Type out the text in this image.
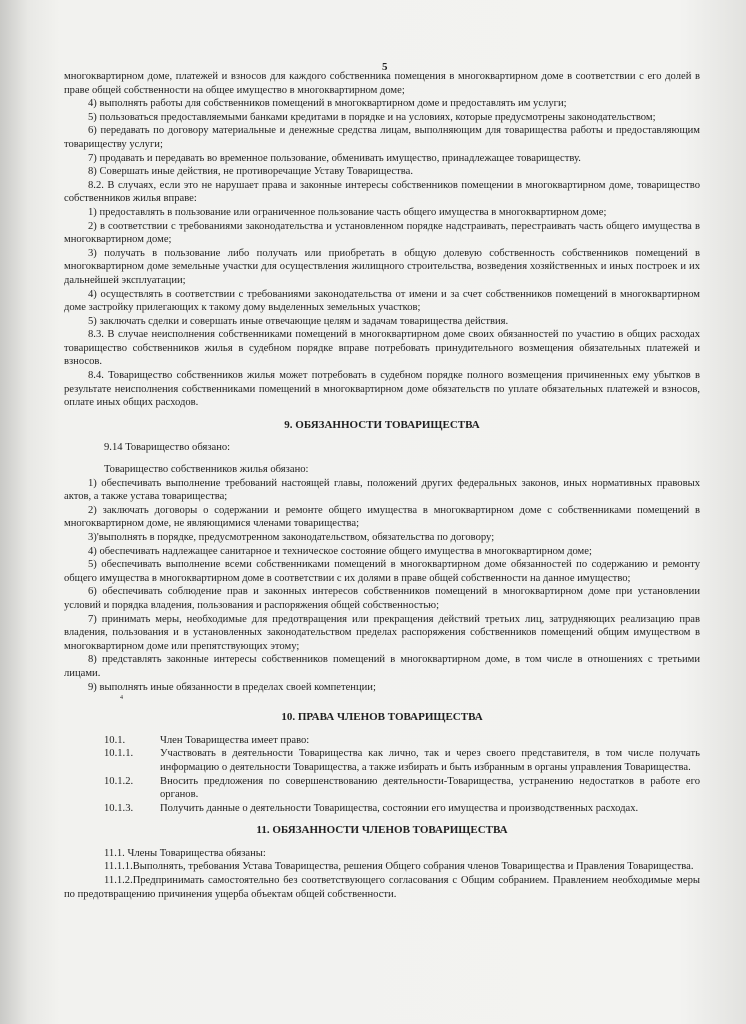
5

многоквартирном доме, платежей и взносов для каждого собственника помещения в многоквартирном доме в соответствии с его долей в праве общей собственности на общее имущество в многоквартирном доме;

4) выполнять работы для собственников помещений в многоквартирном доме и предоставлять им услуги;

5) пользоваться предоставляемыми банками кредитами в порядке и на условиях, которые предусмотрены законодательством;

6) передавать по договору материальные и денежные средства лицам, выполняющим для товарищества работы и предоставляющим товариществу услуги;

7) продавать и передавать во временное пользование, обменивать имущество, принадлежащее товариществу.

8) Совершать иные действия, не противоречащие Уставу Товарищества.

8.2. В случаях, если это не нарушает права и законные интересы собственников помещении в многоквартирном доме, товарищество собственников жилья вправе:

1) предоставлять в пользование или ограниченное пользование часть общего имущества в многоквартирном доме;

2) в соответствии с требованиями законодательства и установленном порядке надстраивать, перестраивать часть общего имущества в многоквартирном доме;

3) получать в пользование либо получать или приобретать в общую долевую собственность собственников помещений в многоквартирном доме земельные участки для осуществления жилищного строительства, возведения хозяйственных и иных построек и их дальнейшей эксплуатации;

4) осуществлять в соответствии с требованиями законодательства от имени и за счет собственников помещений в многоквартирном доме застройку прилегающих к такому дому выделенных земельных участков;

5) заключать сделки и совершать иные отвечающие целям и задачам товарищества действия.

8.3. В случае неисполнения собственниками помещений в многоквартирном доме своих обязанностей по участию в общих расходах товарищество собственников жилья в судебном порядке вправе потребовать принудительного возмещения обязательных платежей и взносов.

8.4. Товарищество собственников жилья может потребовать в судебном порядке полного возмещения причиненных ему убытков в результате неисполнения собственниками помещений в многоквартирном доме обязательств по уплате обязательных платежей и взносов, оплате иных общих расходов.

9. ОБЯЗАННОСТИ ТОВАРИЩЕСТВА

9.14 Товарищество обязано:

Товарищество собственников жилья обязано:

1) обеспечивать выполнение требований настоящей главы, положений других федеральных законов, иных нормативных правовых актов, а также устава товарищества;

2) заключать договоры о содержании и ремонте общего имущества в многоквартирном доме с собственниками помещений в многоквартирном доме, не являющимися членами товарищества;

3)'выполнять в порядке, предусмотренном законодательством, обязательства по договору;

4) обеспечивать надлежащее санитарное и техническое состояние общего имущества в многоквартирном доме;

5) обеспечивать выполнение всеми собственниками помещений в многоквартирном доме обязанностей по содержанию и ремонту общего имущества в многоквартирном доме в соответствии с их долями в праве общей собственности на данное имущество;

6) обеспечивать соблюдение прав и законных интересов собственников помещений в многоквартирном доме при установлении условий и порядка владения, пользования и распоряжения общей собственностью;

7) принимать меры, необходимые для предотвращения или прекращения действий третьих лиц, затрудняющих реализацию прав владения, пользования и в установленных законодательством пределах распоряжения собственников помещений общим имуществом в многоквартирном доме или препятствующих этому;

8) представлять законные интересы собственников помещений в многоквартирном доме, в том числе в отношениях с третьими лицами.

9) выполнять иные обязанности в пределах своей компетенции;

4
10. ПРАВА ЧЛЕНОВ ТОВАРИЩЕСТВА
10.1.	Член Товарищества имеет право:
10.1.1.	Участвовать в деятельности Товарищества как лично, так и через своего представителя, в том числе получать информацию о деятельности Товарищества, а также избирать и быть избранным в органы управления Товарищества.
10.1.2.	Вносить предложения по совершенствованию деятельности-Товарищества, устранению недостатков в работе его органов.
10.1.3.	Получить данные о деятельности Товарищества, состоянии его имущества и производственных расходах.
11. ОБЯЗАННОСТИ ЧЛЕНОВ ТОВАРИЩЕСТВА

11.1. Члены Товарищества обязаны:

11.1.1.Выполнять, требования Устава Товарищества, решения Общего собрания членов Товарищества и Правления Товарищества.

11.1.2.Предпринимать самостоятельно без соответствующего согласования с Общим собранием. Правлением необходимые меры по предотвращению причинения ущерба объектам общей собственности.
